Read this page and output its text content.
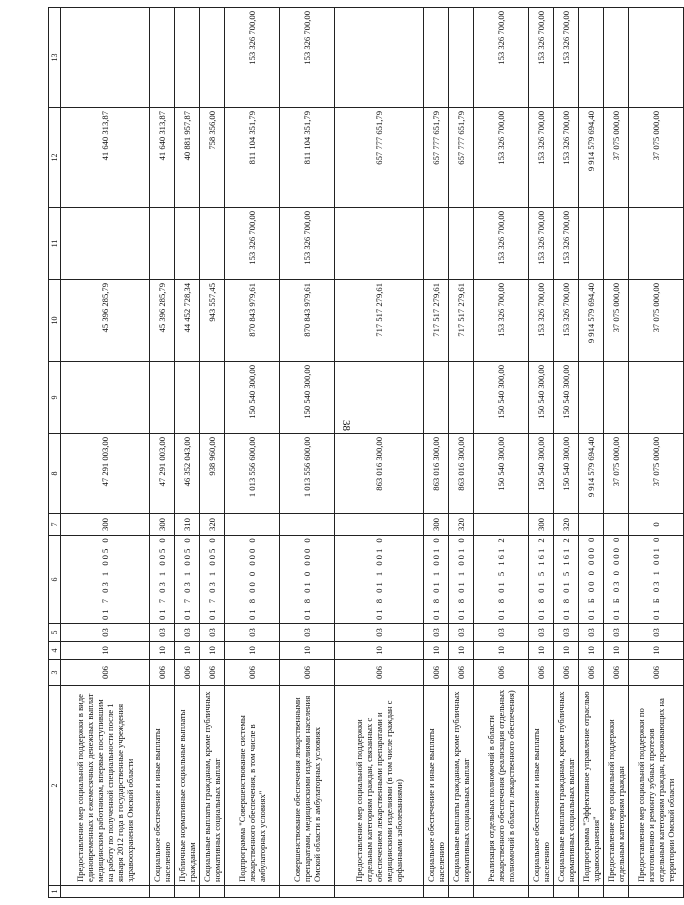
38
1	2	3	4	5	6	7	8	9	10	11	12	13
	Предоставление мер социальной поддержки в виде единовременных и ежемесячных денежных выплат медицинским работникам, впервые поступившим на работу по полученной специальности после 1 января 2012 года в государственные учреждения здравоохранения Омской области	006	10	03	01 7 03 1 005 0	300	47 291 003,00		45 396 285,79		41 640 313,87	
	Социальное обеспечение и иные выплаты населению	006	10	03	01 7 03 1 005 0	300	47 291 003,00		45 396 285,79		41 640 313,87	
	Публичные нормативные социальные выплаты гражданам	006	10	03	01 7 03 1 005 0	310	46 352 043,00		44 452 728,34		40 881 957,87	
	Социальные выплаты гражданам, кроме публичных нормативных социальных выплат	006	10	03	01 7 03 1 005 0	320	938 960,00		943 557,45		758 356,00	
	Подпрограмма "Совершенствование системы лекарственного обеспечения, в том числе в амбулаторных условиях"	006	10	03	01 8 00 0 000 0		1 013 556 600,00	150 540 300,00	870 843 979,61	153 326 700,00	811 104 351,79	153 326 700,00
	Совершенствование обеспечения лекарственными препаратами, медицинскими изделиями населения Омской области в амбулаторных условиях	006	10	03	01 8 01 0 000 0		1 013 556 600,00	150 540 300,00	870 843 979,61	153 326 700,00	811 104 351,79	153 326 700,00
	Предоставление мер социальной поддержки отдельным категориям граждан, связанных с обеспечением лекарственными препаратами и медицинскими изделиями (в том числе граждан с орфанными заболеваниями)	006	10	03	01 8 01 1 001 0		863 016 300,00		717 517 279,61		657 777 651,79	
	Социальное обеспечение и иные выплаты населению	006	10	03	01 8 01 1 001 0	300	863 016 300,00		717 517 279,61		657 777 651,79	
	Социальные выплаты гражданам, кроме публичных нормативных социальных выплат	006	10	03	01 8 01 1 001 0	320	863 016 300,00		717 517 279,61		657 777 651,79	
	Реализация отдельных полномочий в области лекарственного обеспечения (реализация отдельных полномочий в области лекарственного обеспечения)	006	10	03	01 8 01 5 161 2		150 540 300,00	150 540 300,00	153 326 700,00	153 326 700,00	153 326 700,00	153 326 700,00
	Социальное обеспечение и иные выплаты населению	006	10	03	01 8 01 5 161 2	300	150 540 300,00	150 540 300,00	153 326 700,00	153 326 700,00	153 326 700,00	153 326 700,00
	Социальные выплаты гражданам, кроме публичных нормативных социальных выплат	006	10	03	01 8 01 5 161 2	320	150 540 300,00	150 540 300,00	153 326 700,00	153 326 700,00	153 326 700,00	153 326 700,00
	Подпрограмма "Эффективное управление отраслью здравоохранения"	006	10	03	01 Б 00 0 000 0		9 914 579 694,40		9 914 579 694,40		9 914 579 694,40	
	Предоставление мер социальной поддержки отдельным категориям граждан	006	10	03	01 Б 03 0 000 0		37 075 000,00		37 075 000,00		37 075 000,00	
	Предоставление мер социальной поддержки по изготовлению и ремонту зубных протезов отдельным категориям граждан, проживающих на территории Омской области	006	10	03	01 Б 03 1 001 0	0	37 075 000,00		37 075 000,00		37 075 000,00	
